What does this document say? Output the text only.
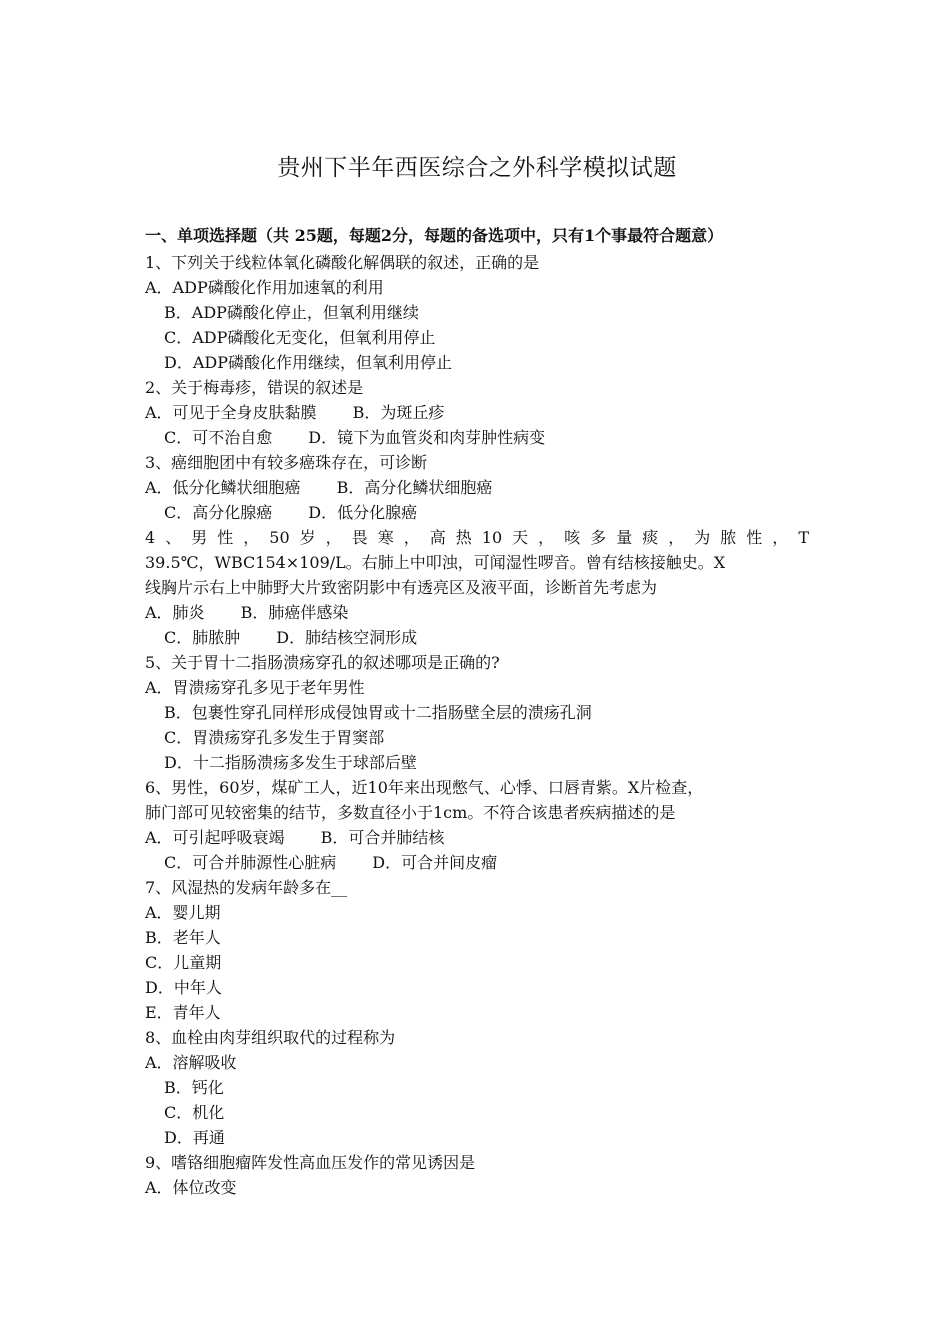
贵州下半年西医综合之外科学模拟试题
一、单项选择题（共 25题，每题2分，每题的备选项中，只有1个事最符合题意）
1、下列关于线粒体氧化磷酸化解偶联的叙述，正确的是
A．ADP磷酸化作用加速氧的利用
B．ADP磷酸化停止，但氧利用继续
C．ADP磷酸化无变化，但氧利用停止
D．ADP磷酸化作用继续，但氧利用停止
2、关于梅毒疹，错误的叙述是
A．可见于全身皮肤黏膜 B．为斑丘疹
C．可不治自愈 D．镜下为血管炎和肉芽肿性病变
3、癌细胞团中有较多癌珠存在，可诊断
A．低分化鳞状细胞癌 B．高分化鳞状细胞癌
C．高分化腺癌 D．低分化腺癌
4、男性，50岁，畏寒，高热10天，咳多量痰，为脓性，T
39.5℃，WBC154×109/L。右肺上中叩浊，可闻湿性啰音。曾有结核接触史。X
线胸片示右上中肺野大片致密阴影中有透亮区及液平面，诊断首先考虑为
A．肺炎 B．肺癌伴感染
C．肺脓肿 D．肺结核空洞形成
5、关于胃十二指肠溃疡穿孔的叙述哪项是正确的?
A．胃溃疡穿孔多见于老年男性
B．包裹性穿孔同样形成侵蚀胃或十二指肠壁全层的溃疡孔洞
C．胃溃疡穿孔多发生于胃窦部
D．十二指肠溃疡多发生于球部后壁
6、男性，60岁，煤矿工人，近10年来出现憋气、心悸、口唇青紫。X片检查，
肺门部可见较密集的结节，多数直径小于1cm。不符合该患者疾病描述的是
A．可引起呼吸衰竭 B．可合并肺结核
C．可合并肺源性心脏病 D．可合并间皮瘤
7、风湿热的发病年龄多在__
A．婴儿期
B．老年人
C．儿童期
D．中年人
E．青年人
8、血栓由肉芽组织取代的过程称为
A．溶解吸收
B．钙化
C．机化
D．再通
9、嗜铬细胞瘤阵发性高血压发作的常见诱因是
A．体位改变
